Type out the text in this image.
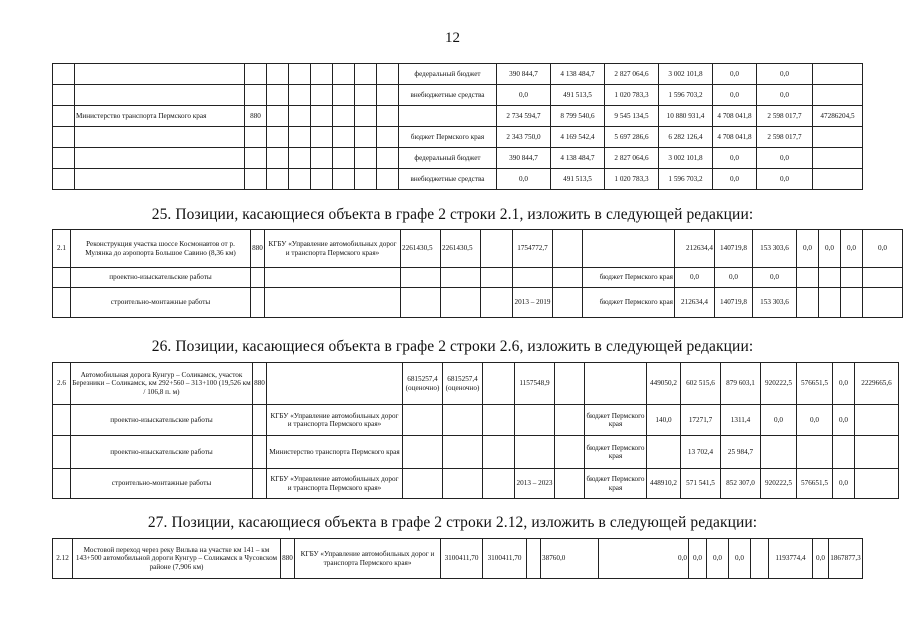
12
									федеральный бюджет	390 844,7	4 138 484,7	2 827 064,6	3 002 101,8	0,0	0,0	
									внебюджетные средства	0,0	491 513,5	1 020 783,3	1 596 703,2	0,0	0,0	
	Министерство транспорта Пермского края	880								2 734 594,7	8 799 540,6	9 545 134,5	10 880 931,4	4 708 041,8	2 598 017,7	47286204,5
									бюджет Пермского края	2 343 750,0	4 169 542,4	5 697 286,6	6 282 126,4	4 708 041,8	2 598 017,7	
									федеральный бюджет	390 844,7	4 138 484,7	2 827 064,6	3 002 101,8	0,0	0,0	
									внебюджетные средства	0,0	491 513,5	1 020 783,3	1 596 703,2	0,0	0,0	
25. Позиции, касающиеся объекта в графе 2 строки 2.1, изложить в следующей редакции:
2.1	Реконструкция участка шоссе Космонавтов от р. Мулянка до аэропорта Большое Савино (8,36 км)	880	КГБУ «Управление автомобильных дорог и транспорта Пермского края»	2261430,5	2261430,5		1754772,7			212634,4	140719,8	153 303,6	0,0	0,0	0,0	0,0
	проектно-изыскательские работы								бюджет Пермского края	0,0	0,0	0,0				
	строительно-монтажные работы						2013 – 2019		бюджет Пермского края	212634,4	140719,8	153 303,6				
26. Позиции, касающиеся объекта в графе 2 строки 2.6, изложить в следующей редакции:
2.6	Автомобильная дорога Кунгур – Соликамск, участок Березники – Соликамск, км 292+560 – 313+100 (19,526 км / 106,8 п. м)	880		6815257,4 (оценочно)	6815257,4 (оценочно)		1157548,9			449050,2	602 515,6	879 603,1	920222,5	576651,5	0,0	2229665,6
	проектно-изыскательские работы		КГБУ «Управление автомобильных дорог и транспорта Пермского края»						бюджет Пермского края	140,0	17271,7	1311,4	0,0	0,0	0,0	
	проектно-изыскательские работы		Министерство транспорта Пермского края						бюджет Пермского края		13 702,4	25 984,7				
	строительно-монтажные работы		КГБУ «Управление автомобильных дорог и транспорта Пермского края»				2013 – 2023		бюджет Пермского края	448910,2	571 541,5	852 307,0	920222,5	576651,5	0,0	
27. Позиции, касающиеся объекта в графе 2 строки 2.12, изложить в следующей редакции:
2.12	Мостовой переход через реку Вильва на участке км 141 – км 143+500 автомобильной дороги Кунгур – Соликамск в Чусовском районе (7,906 км)	880	КГБУ «Управление автомобильных дорог и транспорта Пермского края»	3100411,70	3100411,70		38760,0	0,0	0,0	0,0	0,0		1193774,4	0,0	1867877,3
